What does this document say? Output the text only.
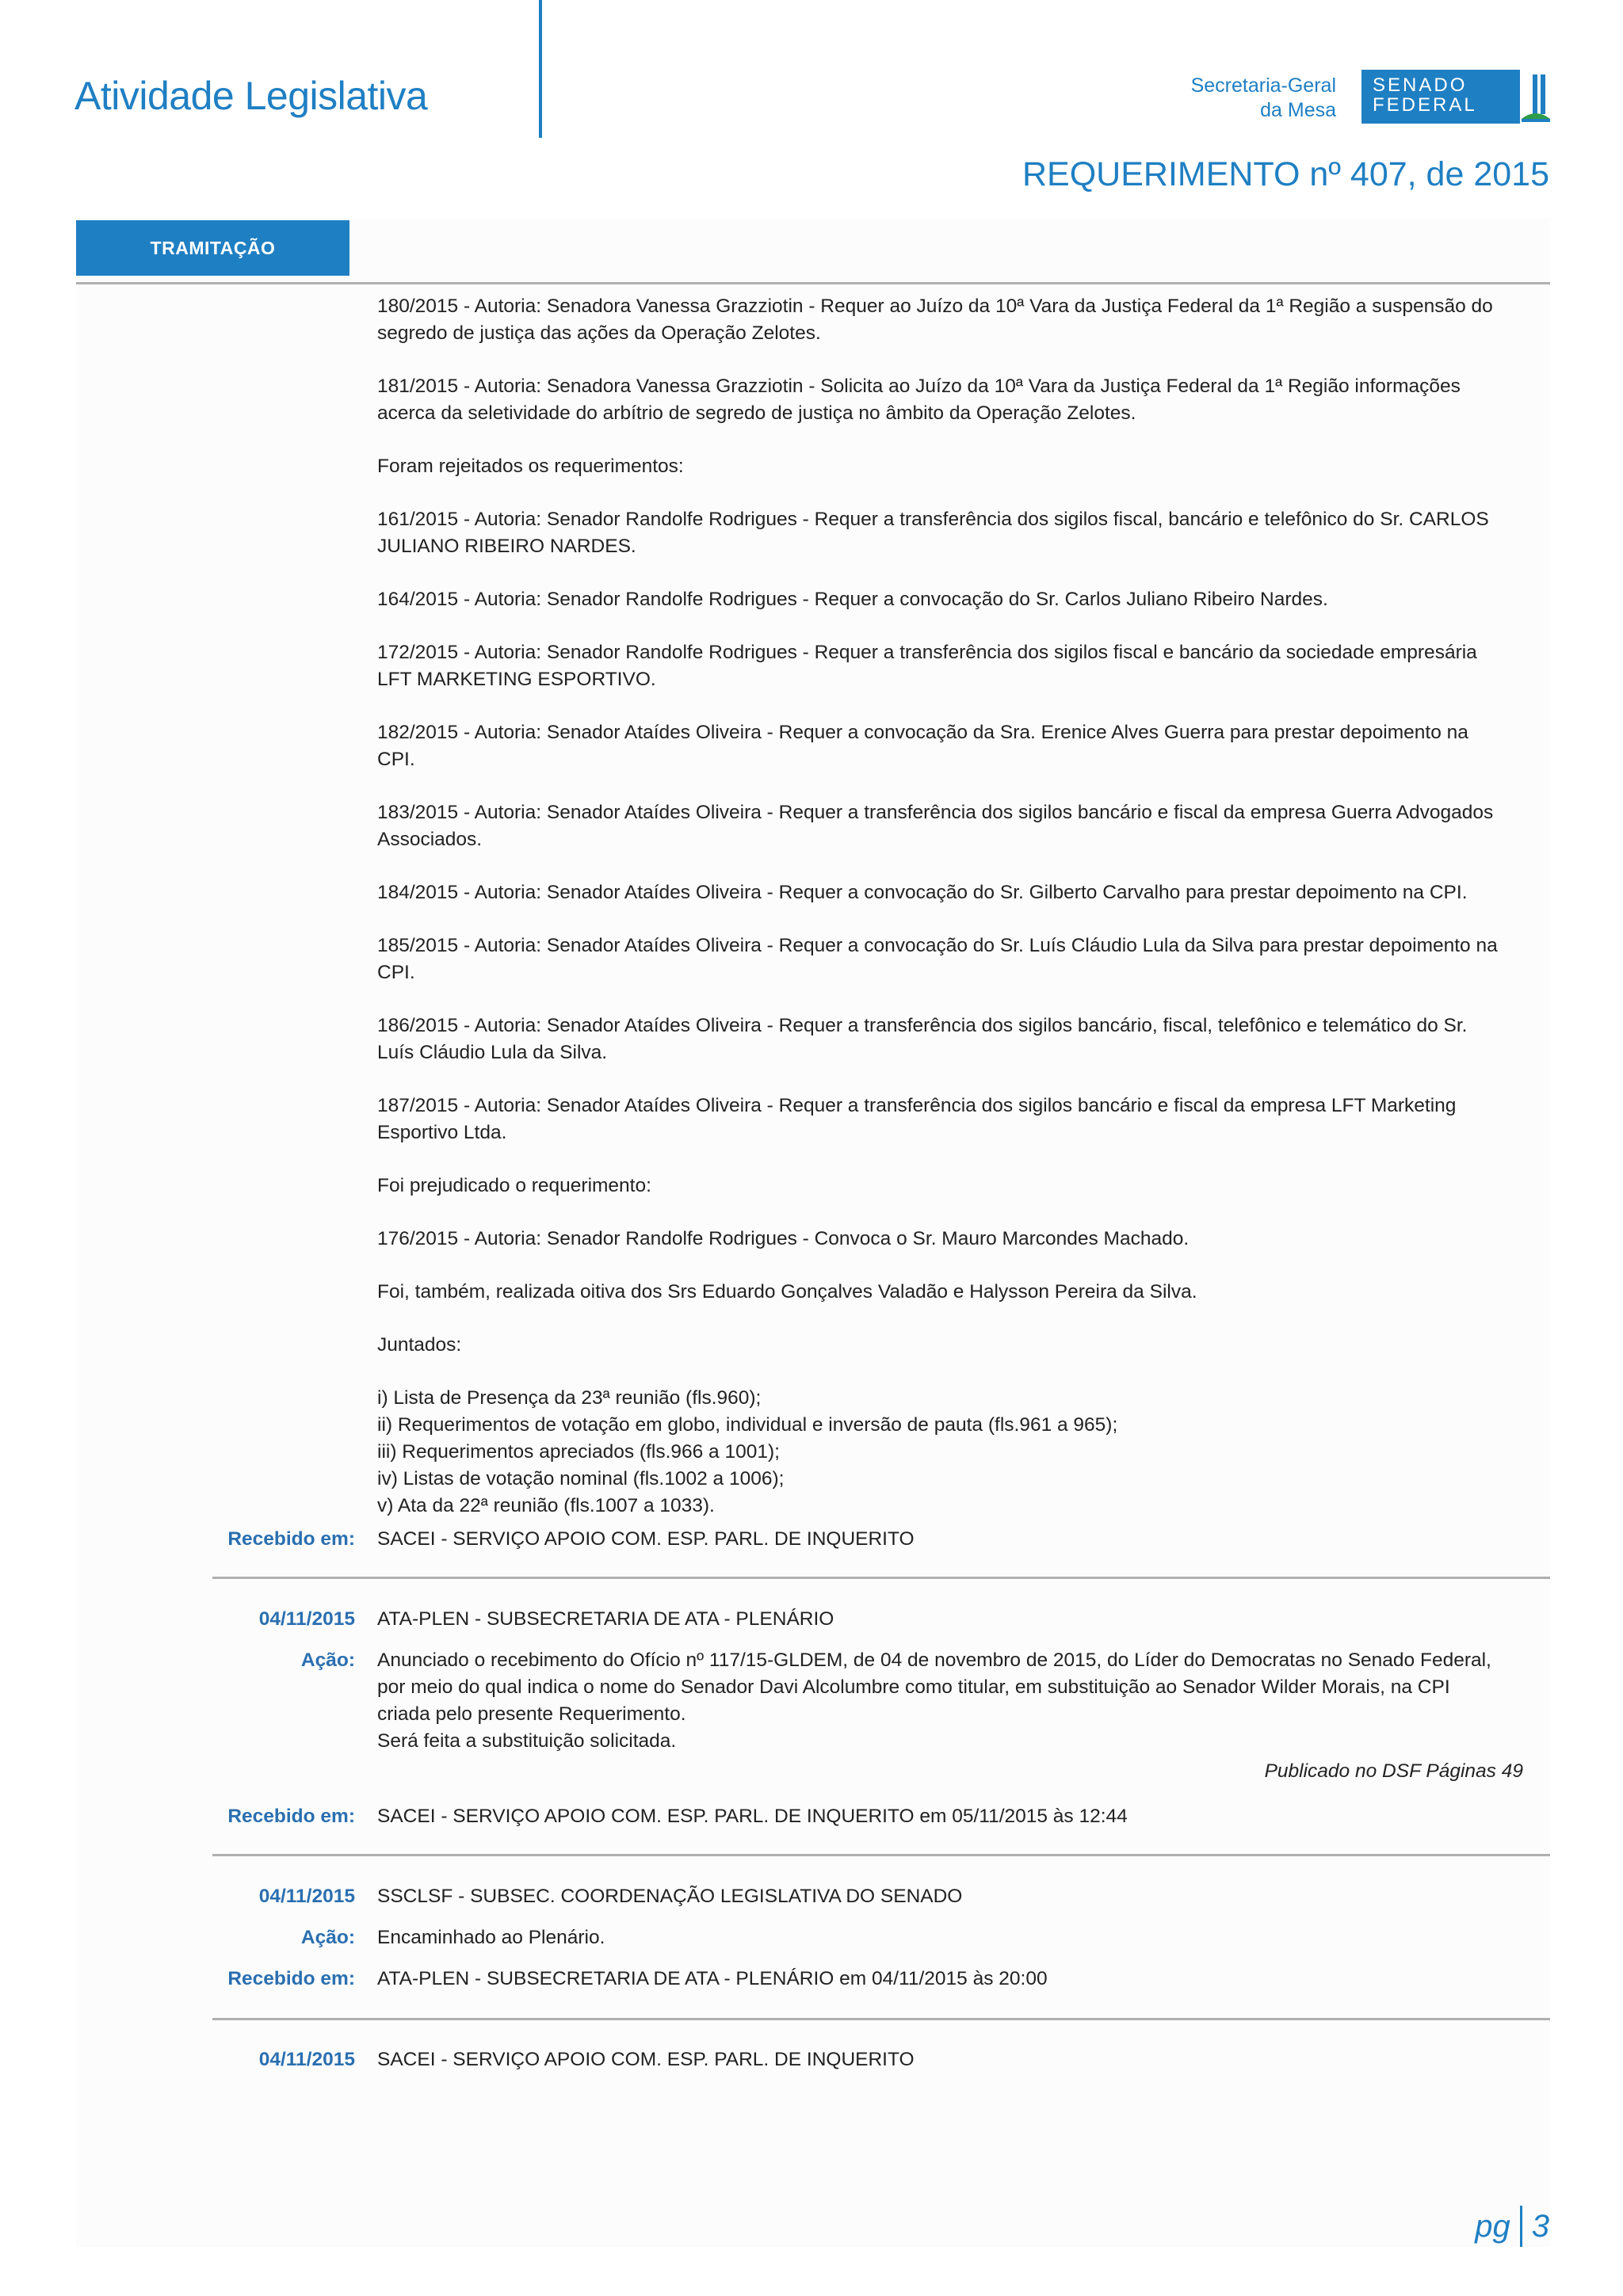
Atividade Legislativa	Secretaria-Geral
da Mesa
SENADO
FEDERAL
REQUERIMENTO nº 407, de 2015
TRAMITAÇÃO
180/2015 - Autoria: Senadora Vanessa Grazziotin - Requer ao Juízo da 10ª Vara da Justiça Federal da 1ª Região a suspensão do
segredo de justiça das ações da Operação Zelotes.
181/2015 - Autoria: Senadora Vanessa Grazziotin - Solicita ao Juízo da 10ª Vara da Justiça Federal da 1ª Região informações
acerca da seletividade do arbítrio de segredo de justiça no âmbito da Operação Zelotes.
Foram rejeitados os requerimentos:
161/2015 - Autoria: Senador Randolfe Rodrigues - Requer a transferência dos sigilos fiscal, bancário e telefônico do Sr. CARLOS
JULIANO RIBEIRO NARDES.
164/2015 - Autoria: Senador Randolfe Rodrigues - Requer a convocação do Sr. Carlos Juliano Ribeiro Nardes.
172/2015 - Autoria: Senador Randolfe Rodrigues - Requer a transferência dos sigilos fiscal e bancário da sociedade empresária
LFT MARKETING ESPORTIVO.
182/2015 - Autoria: Senador Ataídes Oliveira - Requer a convocação da Sra. Erenice Alves Guerra para prestar depoimento na
CPI.
183/2015 - Autoria: Senador Ataídes Oliveira - Requer a transferência dos sigilos bancário e fiscal da empresa Guerra Advogados
Associados.
184/2015 - Autoria: Senador Ataídes Oliveira - Requer a convocação do Sr. Gilberto Carvalho para prestar depoimento na CPI.
185/2015 - Autoria: Senador Ataídes Oliveira - Requer a convocação do Sr. Luís Cláudio Lula da Silva para prestar depoimento na
CPI.
186/2015 - Autoria: Senador Ataídes Oliveira - Requer a transferência dos sigilos bancário, fiscal, telefônico e telemático do Sr.
Luís Cláudio Lula da Silva.
187/2015 - Autoria: Senador Ataídes Oliveira - Requer a transferência dos sigilos bancário e fiscal da empresa LFT Marketing
Esportivo Ltda.
Foi prejudicado o requerimento:
176/2015 - Autoria: Senador Randolfe Rodrigues - Convoca o Sr. Mauro Marcondes Machado.
Foi, também, realizada oitiva dos Srs Eduardo Gonçalves Valadão e Halysson Pereira da Silva.
Juntados:
i) Lista de Presença da 23ª reunião (fls.960);
ii) Requerimentos de votação em globo, individual e inversão de pauta (fls.961 a 965);
iii) Requerimentos apreciados (fls.966 a 1001);
iv) Listas de votação nominal (fls.1002 a 1006);
v) Ata da 22ª reunião (fls.1007 a 1033).
Recebido em: SACEI - SERVIÇO APOIO COM. ESP. PARL. DE INQUERITO
04/11/2015 ATA-PLEN - SUBSECRETARIA DE ATA - PLENÁRIO
Ação: Anunciado o recebimento do Ofício nº 117/15-GLDEM, de 04 de novembro de 2015, do Líder do Democratas no Senado Federal,
por meio do qual indica o nome do Senador Davi Alcolumbre como titular, em substituição ao Senador Wilder Morais, na CPI
criada pelo presente Requerimento.
Será feita a substituição solicitada.
Publicado no DSF Páginas 49
Recebido em: SACEI - SERVIÇO APOIO COM. ESP. PARL. DE INQUERITO em 05/11/2015 às 12:44
04/11/2015 SSCLSF - SUBSEC. COORDENAÇÃO LEGISLATIVA DO SENADO
Ação: Encaminhado ao Plenário.
Recebido em: ATA-PLEN - SUBSECRETARIA DE ATA - PLENÁRIO em 04/11/2015 às 20:00
04/11/2015 SACEI - SERVIÇO APOIO COM. ESP. PARL. DE INQUERITO
pg 3
